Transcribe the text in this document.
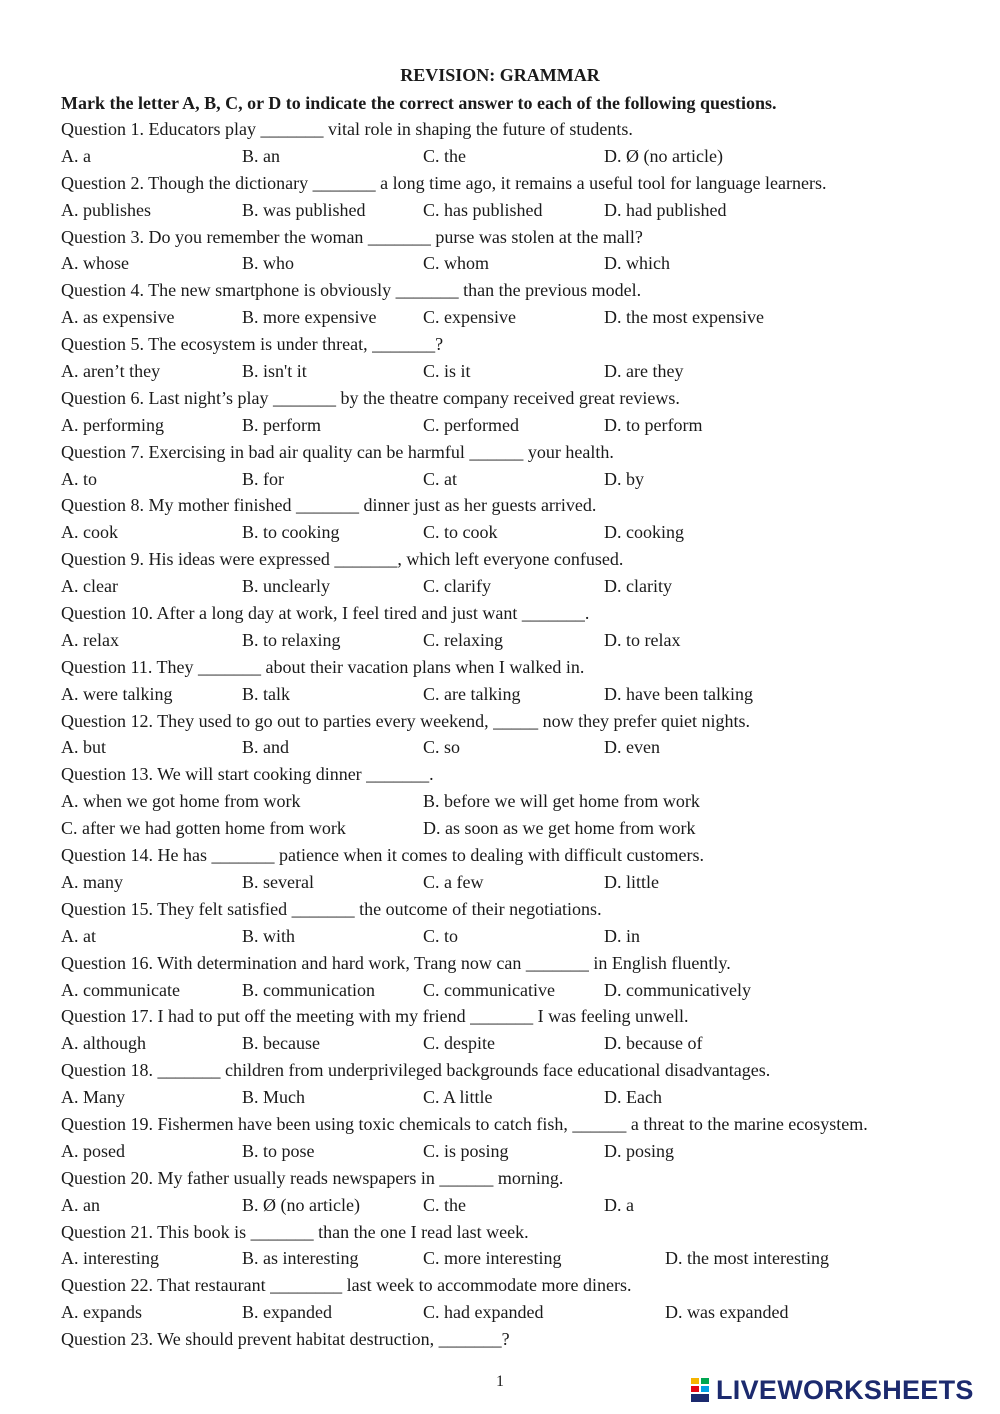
REVISION: GRAMMAR
Mark the letter A, B, C, or D to indicate the correct answer to each of the following questions.
Question 1. Educators play _______ vital role in shaping the future of students.
A. a	B. an	C. the	D. Ø (no article)
Question 2. Though the dictionary _______ a long time ago, it remains a useful tool for language learners.
A. publishes	B. was published	C. has published	D. had published
Question 3. Do you remember the woman _______ purse was stolen at the mall?
A. whose	B. who	C. whom	D. which
Question 4. The new smartphone is obviously _______ than the previous model.
A. as expensive	B. more expensive	C. expensive	D. the most expensive
Question 5. The ecosystem is under threat, _______?
A. aren’t they	B. isn't it	C. is it	D. are they
Question 6. Last night’s play _______ by the theatre company received great reviews.
A. performing	B. perform	C. performed	D. to perform
Question 7. Exercising in bad air quality can be harmful ______ your health.
A. to	B. for	C. at	D. by
Question 8. My mother finished _______ dinner just as her guests arrived.
A. cook	B. to cooking	C. to cook	D. cooking
Question 9. His ideas were expressed _______, which left everyone confused.
A. clear	B. unclearly	C. clarify	D. clarity
Question 10. After a long day at work, I feel tired and just want _______.
A. relax	B. to relaxing	C. relaxing	D. to relax
Question 11. They _______ about their vacation plans when I walked in.
A. were talking	B. talk	C. are talking	D. have been talking
Question 12. They used to go out to parties every weekend, _____ now they prefer quiet nights.
A. but	B. and	C. so	D. even
Question 13. We will start cooking dinner _______.
A. when we got home from work	B. before we will get home from work
C. after we had gotten home from work	D. as soon as we get home from work
Question 14. He has _______ patience when it comes to dealing with difficult customers.
A. many	B. several	C. a few	D. little
Question 15. They felt satisfied _______ the outcome of their negotiations.
A. at	B. with	C. to	D. in
Question 16. With determination and hard work, Trang now can _______ in English fluently.
A. communicate	B. communication	C. communicative	D. communicatively
Question 17. I had to put off the meeting with my friend _______ I was feeling unwell.
A. although	B. because	C. despite	D. because of
Question 18. _______ children from underprivileged backgrounds face educational disadvantages.
A. Many	B. Much	C. A little	D. Each
Question 19. Fishermen have been using toxic chemicals to catch fish, ______ a threat to the marine ecosystem.
A. posed	B. to pose	C. is posing	D. posing
Question 20. My father usually reads newspapers in ______ morning.
A. an	B. Ø (no article)	C. the	D. a
Question 21. This book is _______ than the one I read last week.
A. interesting	B. as interesting	C. more interesting	D. the most interesting
Question 22. That restaurant ________ last week to accommodate more diners.
A. expands	B. expanded	C. had expanded	D. was expanded
Question 23. We should prevent habitat destruction, _______?
1	LIVEWORKSHEETS
